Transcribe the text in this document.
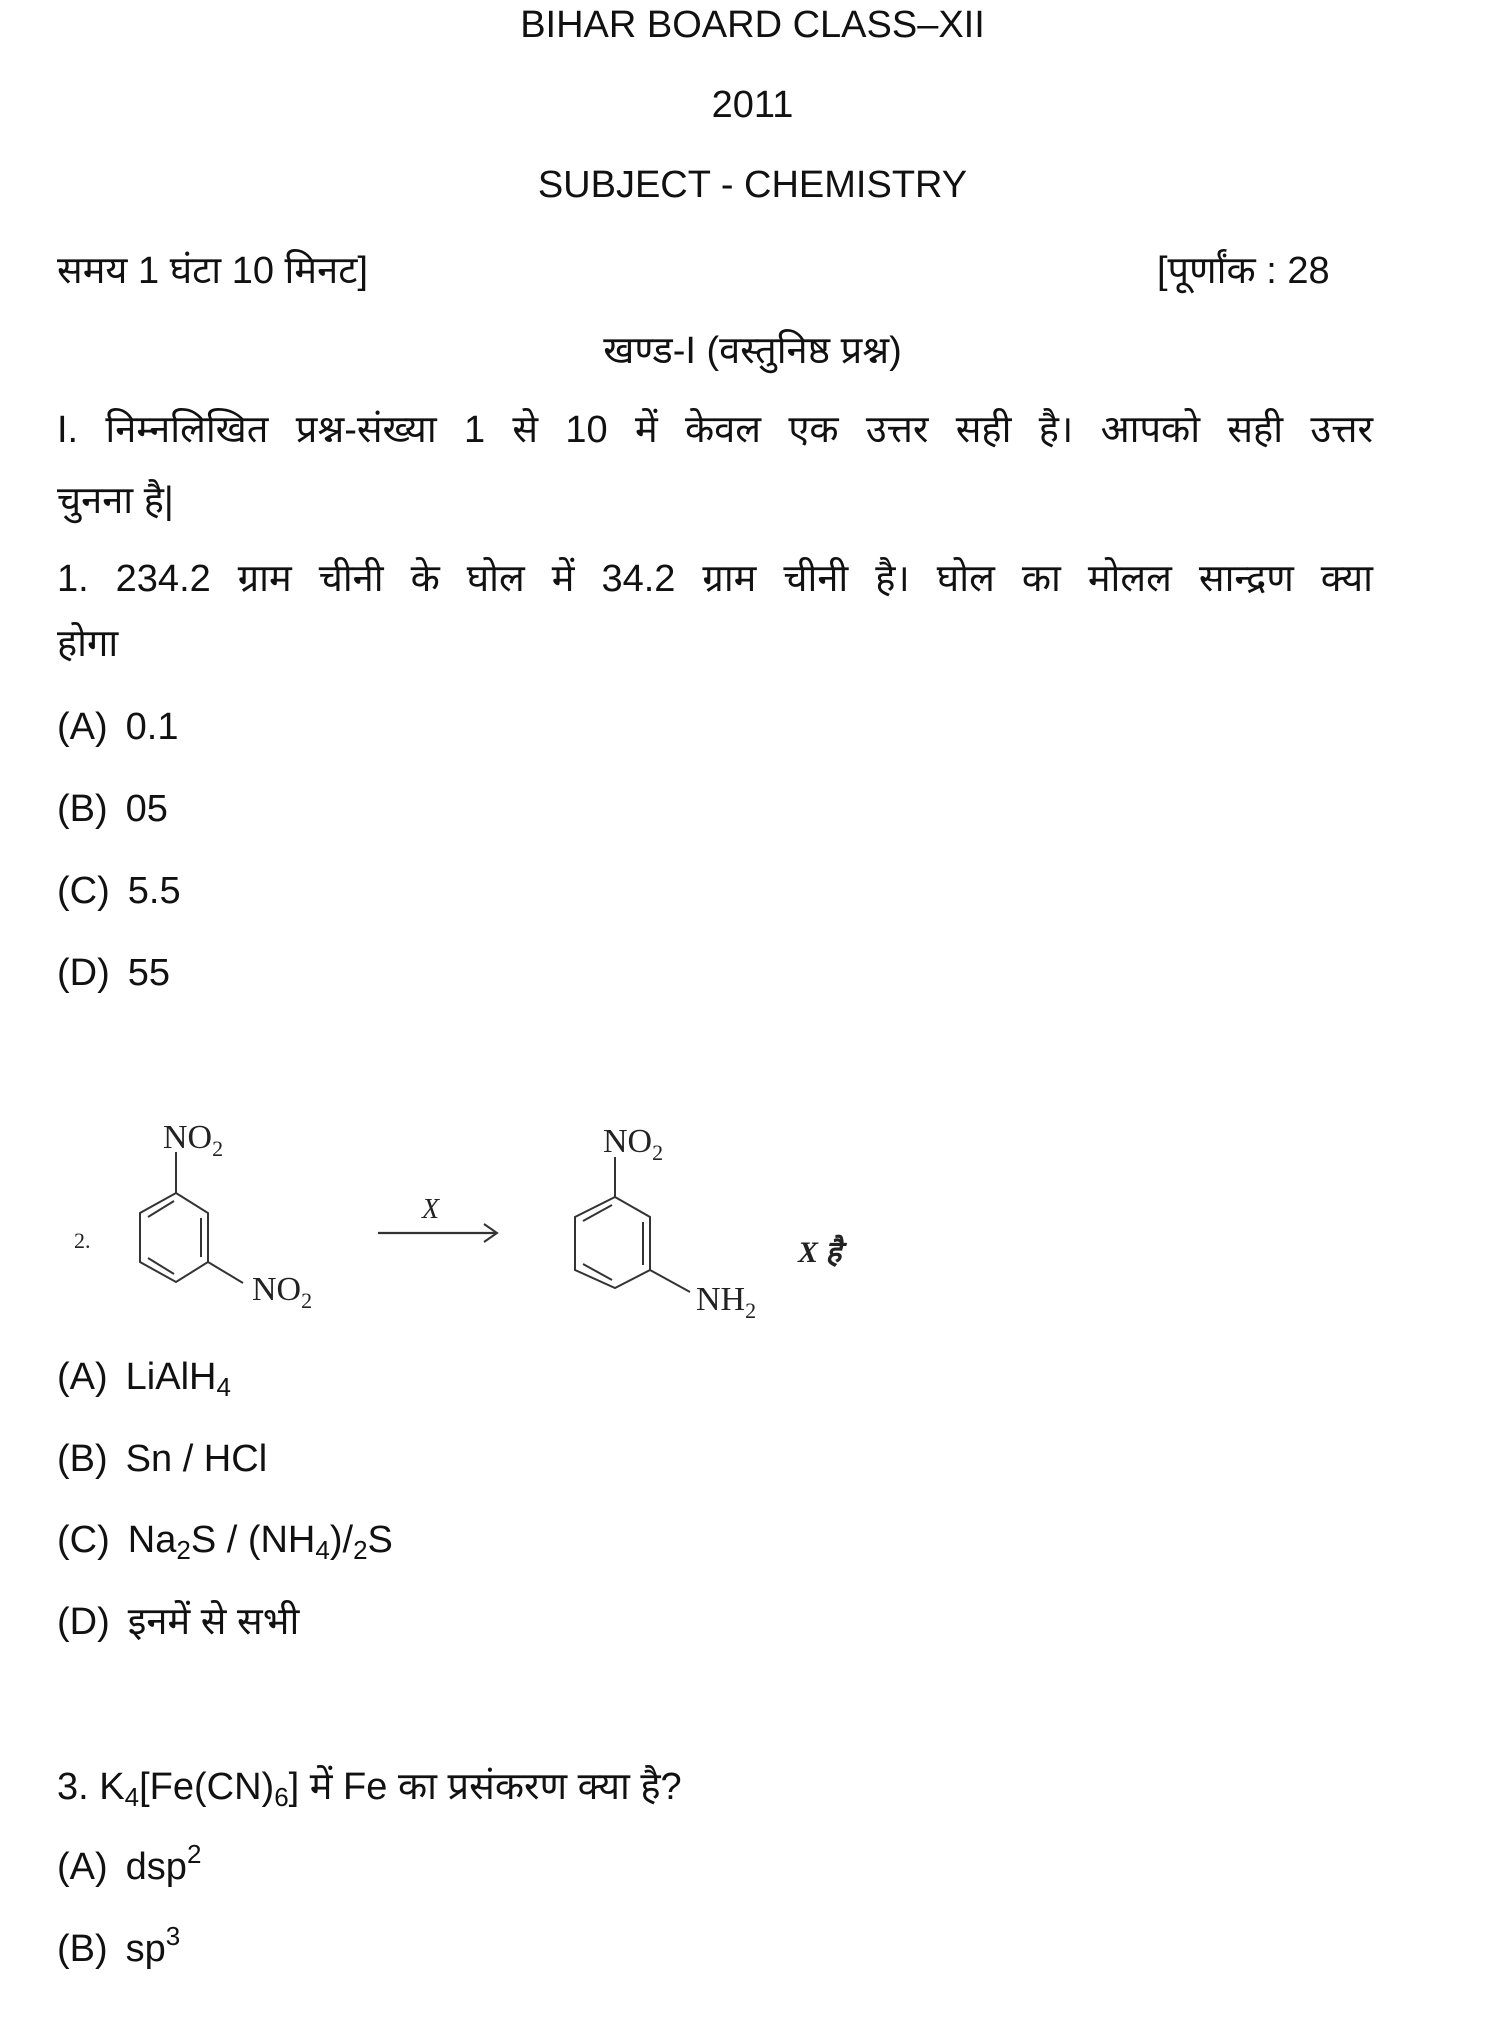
BIHAR BOARD CLASS–XII
2011
SUBJECT - CHEMISTRY
समय 1 घंटा 10 मिनट]	[पूर्णांक : 28
खण्ड-I (वस्तुनिष्ठ प्रश्न)
I. निम्नलिखित प्रश्न-संख्या 1 से 10 में केवल एक उत्तर सही है। आपको सही उत्तर
चुनना है|
1. 234.2 ग्राम चीनी के घोल में 34.2 ग्राम चीनी है। घोल का मोलल सान्द्रण क्या
होगा
(A) 0.1
(B) 05
(C) 5.5
(D) 55
2.
$NO_2$
$NO_2$
X
$NO_2$
$NH_2$
X है
(A) LiAlH$_4$
(B) Sn / HCl
(C) $Na_2S / (NH_4)/_2S$
(D) इनमें से सभी
3. $K_4[Fe(CN)_6]$ में Fe का प्रसंकरण क्या है?
(A) dsp$^2$
(B) $sp^3$
